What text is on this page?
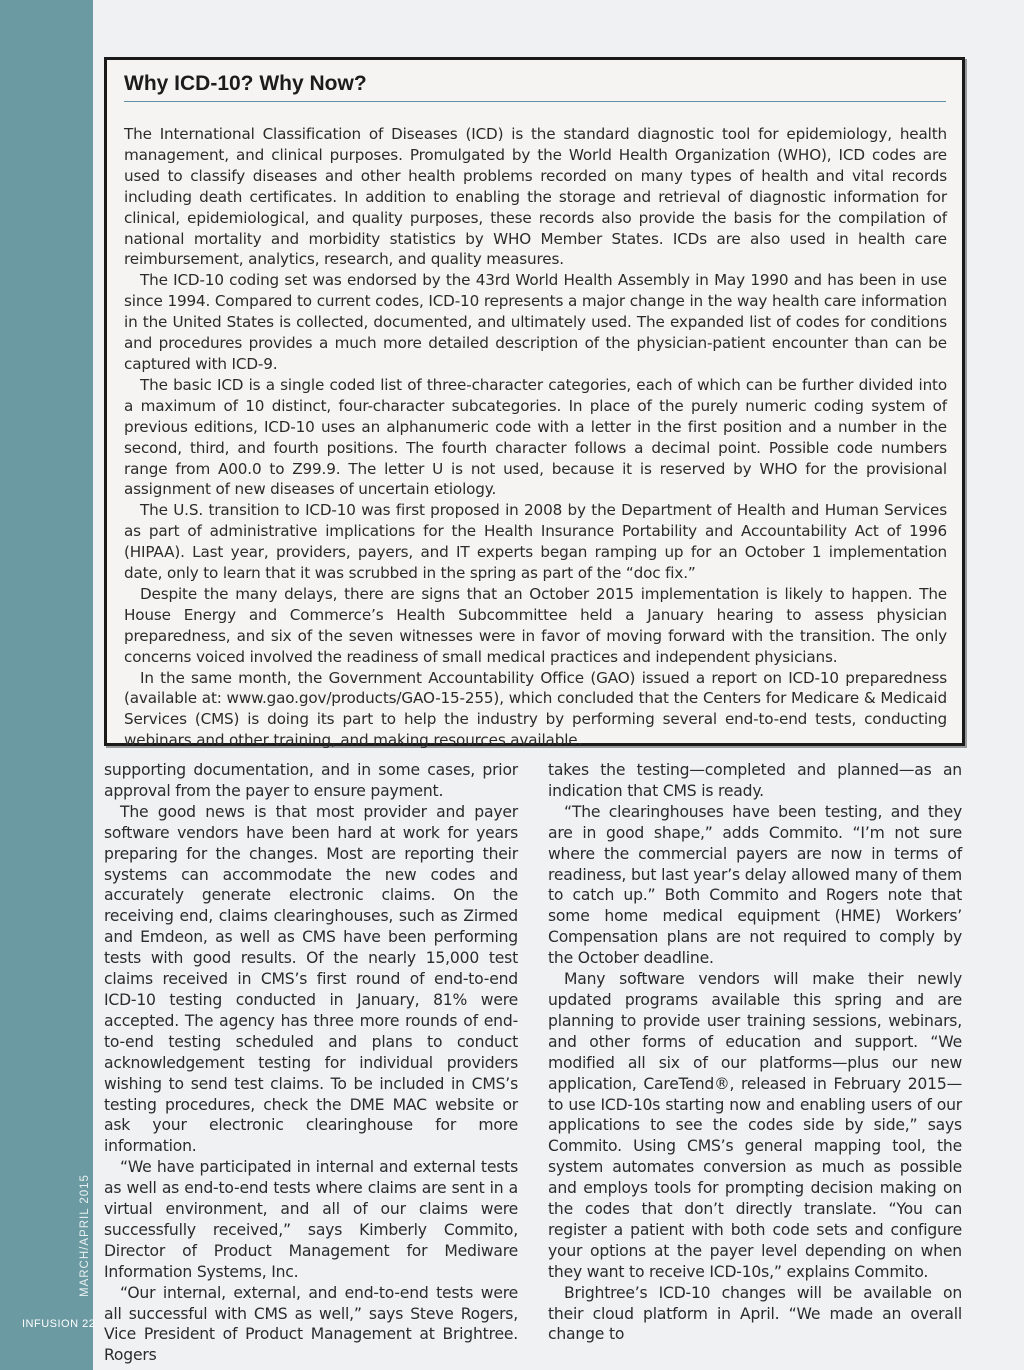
MARCH/APRIL 2015
INFUSION 22
Why ICD-10? Why Now?

The International Classification of Diseases (ICD) is the standard diagnostic tool for epidemiology, health management, and clinical purposes. Promulgated by the World Health Organization (WHO), ICD codes are used to classify diseases and other health problems recorded on many types of health and vital records including death certificates. In addition to enabling the storage and retrieval of diagnostic information for clinical, epidemiological, and quality purposes, these records also provide the basis for the compilation of national mortality and morbidity statistics by WHO Member States. ICDs are also used in health care reimbursement, analytics, research, and quality measures.

The ICD-10 coding set was endorsed by the 43rd World Health Assembly in May 1990 and has been in use since 1994. Compared to current codes, ICD-10 represents a major change in the way health care information in the United States is collected, documented, and ultimately used. The expanded list of codes for conditions and procedures provides a much more detailed description of the physician-patient encounter than can be captured with ICD-9.

The basic ICD is a single coded list of three-character categories, each of which can be further divided into a maximum of 10 distinct, four-character subcategories. In place of the purely numeric coding system of previous editions, ICD-10 uses an alphanumeric code with a letter in the first position and a number in the second, third, and fourth positions. The fourth character follows a decimal point. Possible code numbers range from A00.0 to Z99.9. The letter U is not used, because it is reserved by WHO for the provisional assignment of new diseases of uncertain etiology.

The U.S. transition to ICD-10 was first proposed in 2008 by the Department of Health and Human Services as part of administrative implications for the Health Insurance Portability and Accountability Act of 1996 (HIPAA). Last year, providers, payers, and IT experts began ramping up for an October 1 implementation date, only to learn that it was scrubbed in the spring as part of the “doc fix.”

Despite the many delays, there are signs that an October 2015 implementation is likely to happen. The House Energy and Commerce’s Health Subcommittee held a January hearing to assess physician preparedness, and six of the seven witnesses were in favor of moving forward with the transition. The only concerns voiced involved the readiness of small medical practices and independent physicians.

In the same month, the Government Accountability Office (GAO) issued a report on ICD-10 preparedness (available at: www.gao.gov/products/GAO-15-255), which concluded that the Centers for Medicare & Medicaid Services (CMS) is doing its part to help the industry by performing several end-to-end tests, conducting webinars and other training, and making resources available.

supporting documentation, and in some cases, prior approval from the payer to ensure payment.

The good news is that most provider and payer software vendors have been hard at work for years preparing for the changes. Most are reporting their systems can accommodate the new codes and accurately generate electronic claims. On the receiving end, claims clearinghouses, such as Zirmed and Emdeon, as well as CMS have been performing tests with good results. Of the nearly 15,000 test claims received in CMS’s first round of end-to-end ICD-10 testing conducted in January, 81% were accepted. The agency has three more rounds of end-to-end testing scheduled and plans to conduct acknowledgement testing for individual providers wishing to send test claims. To be included in CMS’s testing procedures, check the DME MAC website or ask your electronic clearinghouse for more information.

“We have participated in internal and external tests as well as end-to-end tests where claims are sent in a virtual environment, and all of our claims were successfully received,” says Kimberly Commito, Director of Product Management for Mediware Information Systems, Inc.

“Our internal, external, and end-to-end tests were all successful with CMS as well,” says Steve Rogers, Vice President of Product Management at Brightree. Rogers

takes the testing—completed and planned—as an indication that CMS is ready.

“The clearinghouses have been testing, and they are in good shape,” adds Commito. “I’m not sure where the commercial payers are now in terms of readiness, but last year’s delay allowed many of them to catch up.” Both Commito and Rogers note that some home medical equipment (HME) Workers’ Compensation plans are not required to comply by the October deadline.

Many software vendors will make their newly updated programs available this spring and are planning to provide user training sessions, webinars, and other forms of education and support. “We modified all six of our platforms—plus our new application, CareTend®, released in February 2015—to use ICD-10s starting now and enabling users of our applications to see the codes side by side,” says Commito. Using CMS’s general mapping tool, the system automates conversion as much as possible and employs tools for prompting decision making on the codes that don’t directly translate. “You can register a patient with both code sets and configure your options at the payer level depending on when they want to receive ICD-10s,” explains Commito.

Brightree’s ICD-10 changes will be available on their cloud platform in April. “We made an overall change to
